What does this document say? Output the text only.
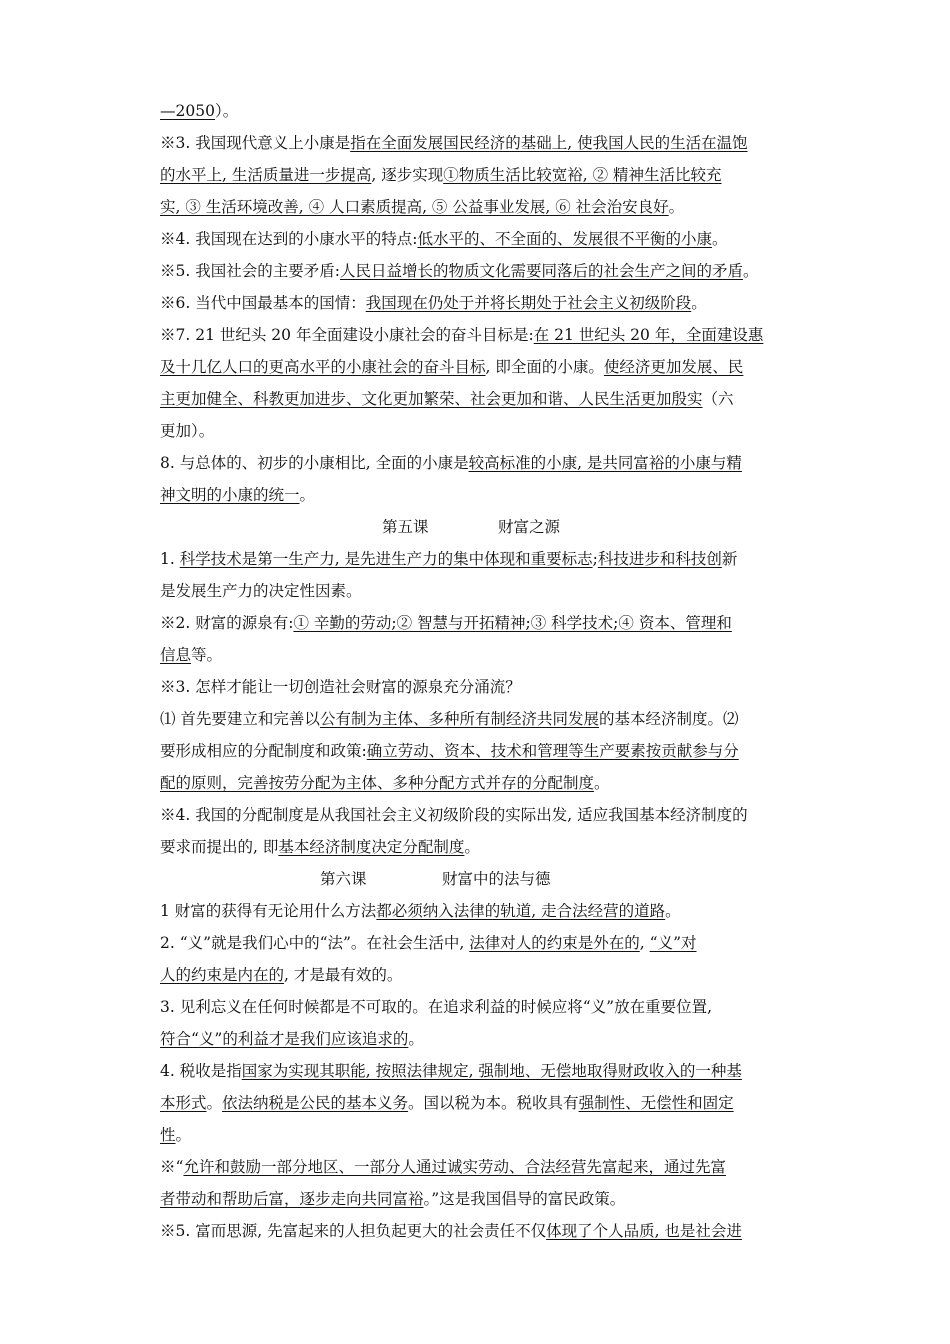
—2050）。
※3. 我国现代意义上小康是指在全面发展国民经济的基础上, 使我国人民的生活在温饱
的水平上, 生活质量进一步提高, 逐步实现①物质生活比较宽裕, ② 精神生活比较充
实, ③ 生活环境改善, ④ 人口素质提高, ⑤ 公益事业发展, ⑥ 社会治安良好。
※4. 我国现在达到的小康水平的特点:低水平的、不全面的、发展很不平衡的小康。
※5. 我国社会的主要矛盾:人民日益增长的物质文化需要同落后的社会生产之间的矛盾。
※6. 当代中国最基本的国情：我国现在仍处于并将长期处于社会主义初级阶段。
※7. 21 世纪头 20 年全面建设小康社会的奋斗目标是:在 21 世纪头 20 年，全面建设惠
及十几亿人口的更高水平的小康社会的奋斗目标, 即全面的小康。使经济更加发展、民
主更加健全、科教更加进步、文化更加繁荣、社会更加和谐、人民生活更加殷实（六
更加）。
8. 与总体的、初步的小康相比, 全面的小康是较高标准的小康, 是共同富裕的小康与精
神文明的小康的统一。
第五课	财富之源
1. 科学技术是第一生产力, 是先进生产力的集中体现和重要标志;科技进步和科技创新
是发展生产力的决定性因素。
※2. 财富的源泉有:① 辛勤的劳动;② 智慧与开拓精神;③ 科学技术;④ 资本、管理和
信息等。
※3. 怎样才能让一切创造社会财富的源泉充分涌流？
⑴ 首先要建立和完善以公有制为主体、多种所有制经济共同发展的基本经济制度。⑵
要形成相应的分配制度和政策:确立劳动、资本、技术和管理等生产要素按贡献参与分
配的原则，完善按劳分配为主体、多种分配方式并存的分配制度。
※4. 我国的分配制度是从我国社会主义初级阶段的实际出发, 适应我国基本经济制度的
要求而提出的, 即基本经济制度决定分配制度。
第六课	财富中的法与德
1 财富的获得有无论用什么方法都必须纳入法律的轨道, 走合法经营的道路。
2. “义”就是我们心中的“法”。在社会生活中, 法律对人的约束是外在的, “义”对
人的约束是内在的, 才是最有效的。
3. 见利忘义在任何时候都是不可取的。在追求利益的时候应将“义”放在重要位置,
符合“义”的利益才是我们应该追求的。
4. 税收是指国家为实现其职能, 按照法律规定, 强制地、无偿地取得财政收入的一种基
本形式。依法纳税是公民的基本义务。国以税为本。税收具有强制性、无偿性和固定
性。
※“允许和鼓励一部分地区、一部分人通过诚实劳动、合法经营先富起来，通过先富
者带动和帮助后富，逐步走向共同富裕。”这是我国倡导的富民政策。
※5. 富而思源, 先富起来的人担负起更大的社会责任不仅体现了个人品质, 也是社会进
